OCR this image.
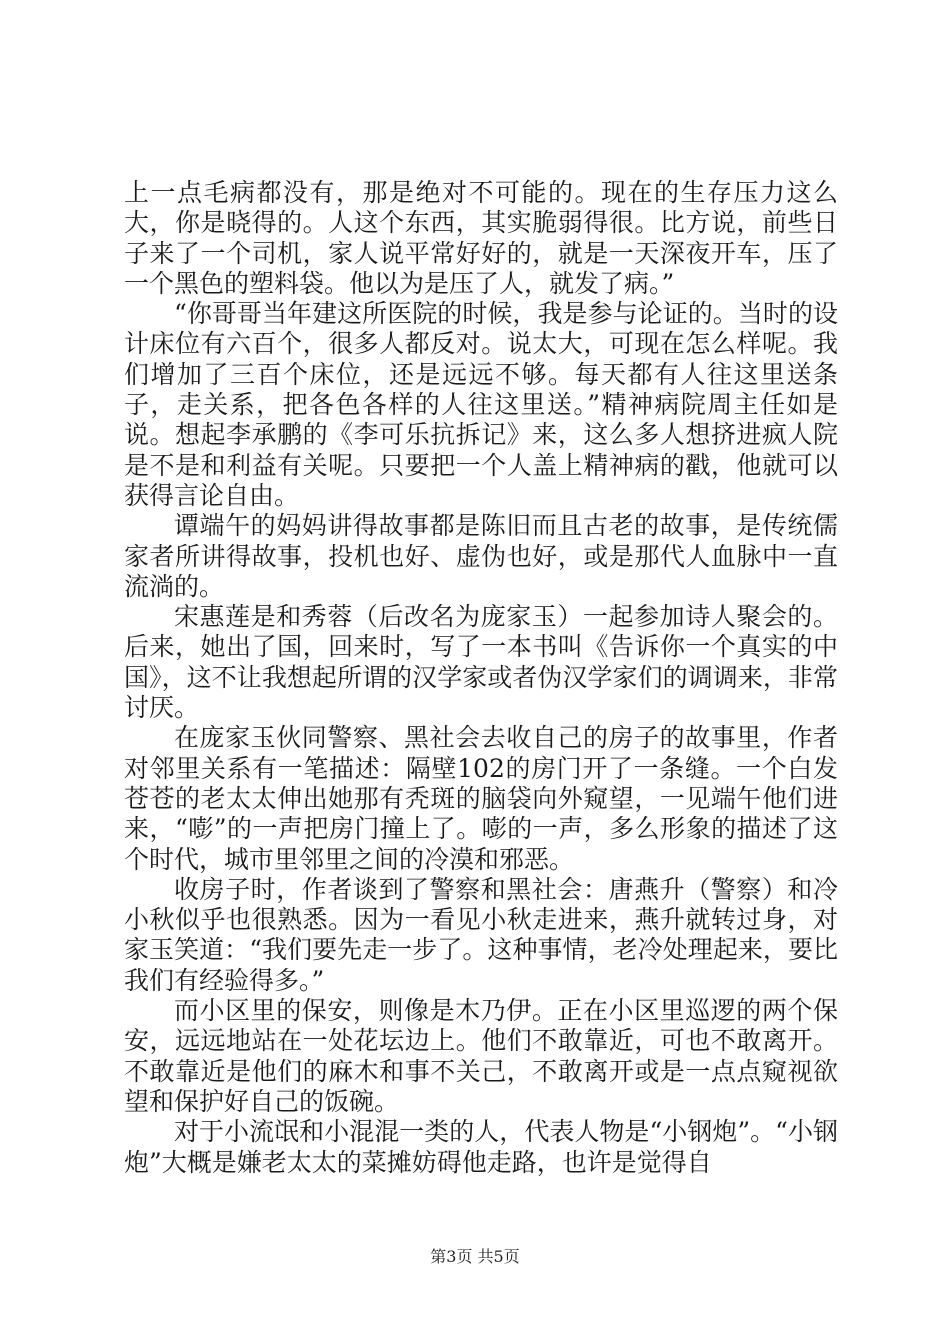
上一点毛病都没有，那是绝对不可能的。现在的生存压力这么大，你是晓得的。人这个东西，其实脆弱得很。比方说，前些日子来了一个司机，家人说平常好好的，就是一天深夜开车，压了一个黑色的塑料袋。他以为是压了人，就发了病。”

“你哥哥当年建这所医院的时候，我是参与论证的。当时的设计床位有六百个，很多人都反对。说太大，可现在怎么样呢。我们增加了三百个床位，还是远远不够。每天都有人往这里送条子，走关系，把各色各样的人往这里送。”精神病院周主任如是说。想起李承鹏的《李可乐抗拆记》来，这么多人想挤进疯人院是不是和利益有关呢。只要把一个人盖上精神病的戳，他就可以获得言论自由。

谭端午的妈妈讲得故事都是陈旧而且古老的故事，是传统儒家者所讲得故事，投机也好、虚伪也好，或是那代人血脉中一直流淌的。

宋惠莲是和秀蓉（后改名为庞家玉）一起参加诗人聚会的。后来，她出了国，回来时，写了一本书叫《告诉你一个真实的中国》，这不让我想起所谓的汉学家或者伪汉学家们的调调来，非常讨厌。

在庞家玉伙同警察、黑社会去收自己的房子的故事里，作者对邻里关系有一笔描述：隔壁102的房门开了一条缝。一个白发苍苍的老太太伸出她那有秃斑的脑袋向外窥望，一见端午他们进来，“嘭”的一声把房门撞上了。嘭的一声，多么形象的描述了这个时代，城市里邻里之间的冷漠和邪恶。

收房子时，作者谈到了警察和黑社会：唐燕升（警察）和冷小秋似乎也很熟悉。因为一看见小秋走进来，燕升就转过身，对家玉笑道：“我们要先走一步了。这种事情，老冷处理起来，要比我们有经验得多。”

而小区里的保安，则像是木乃伊。正在小区里巡逻的两个保安，远远地站在一处花坛边上。他们不敢靠近，可也不敢离开。不敢靠近是他们的麻木和事不关己，不敢离开或是一点点窥视欲望和保护好自己的饭碗。

对于小流氓和小混混一类的人，代表人物是“小钢炮”。“小钢炮”大概是嫌老太太的菜摊妨碍他走路，也许是觉得自

第3页 共5页
